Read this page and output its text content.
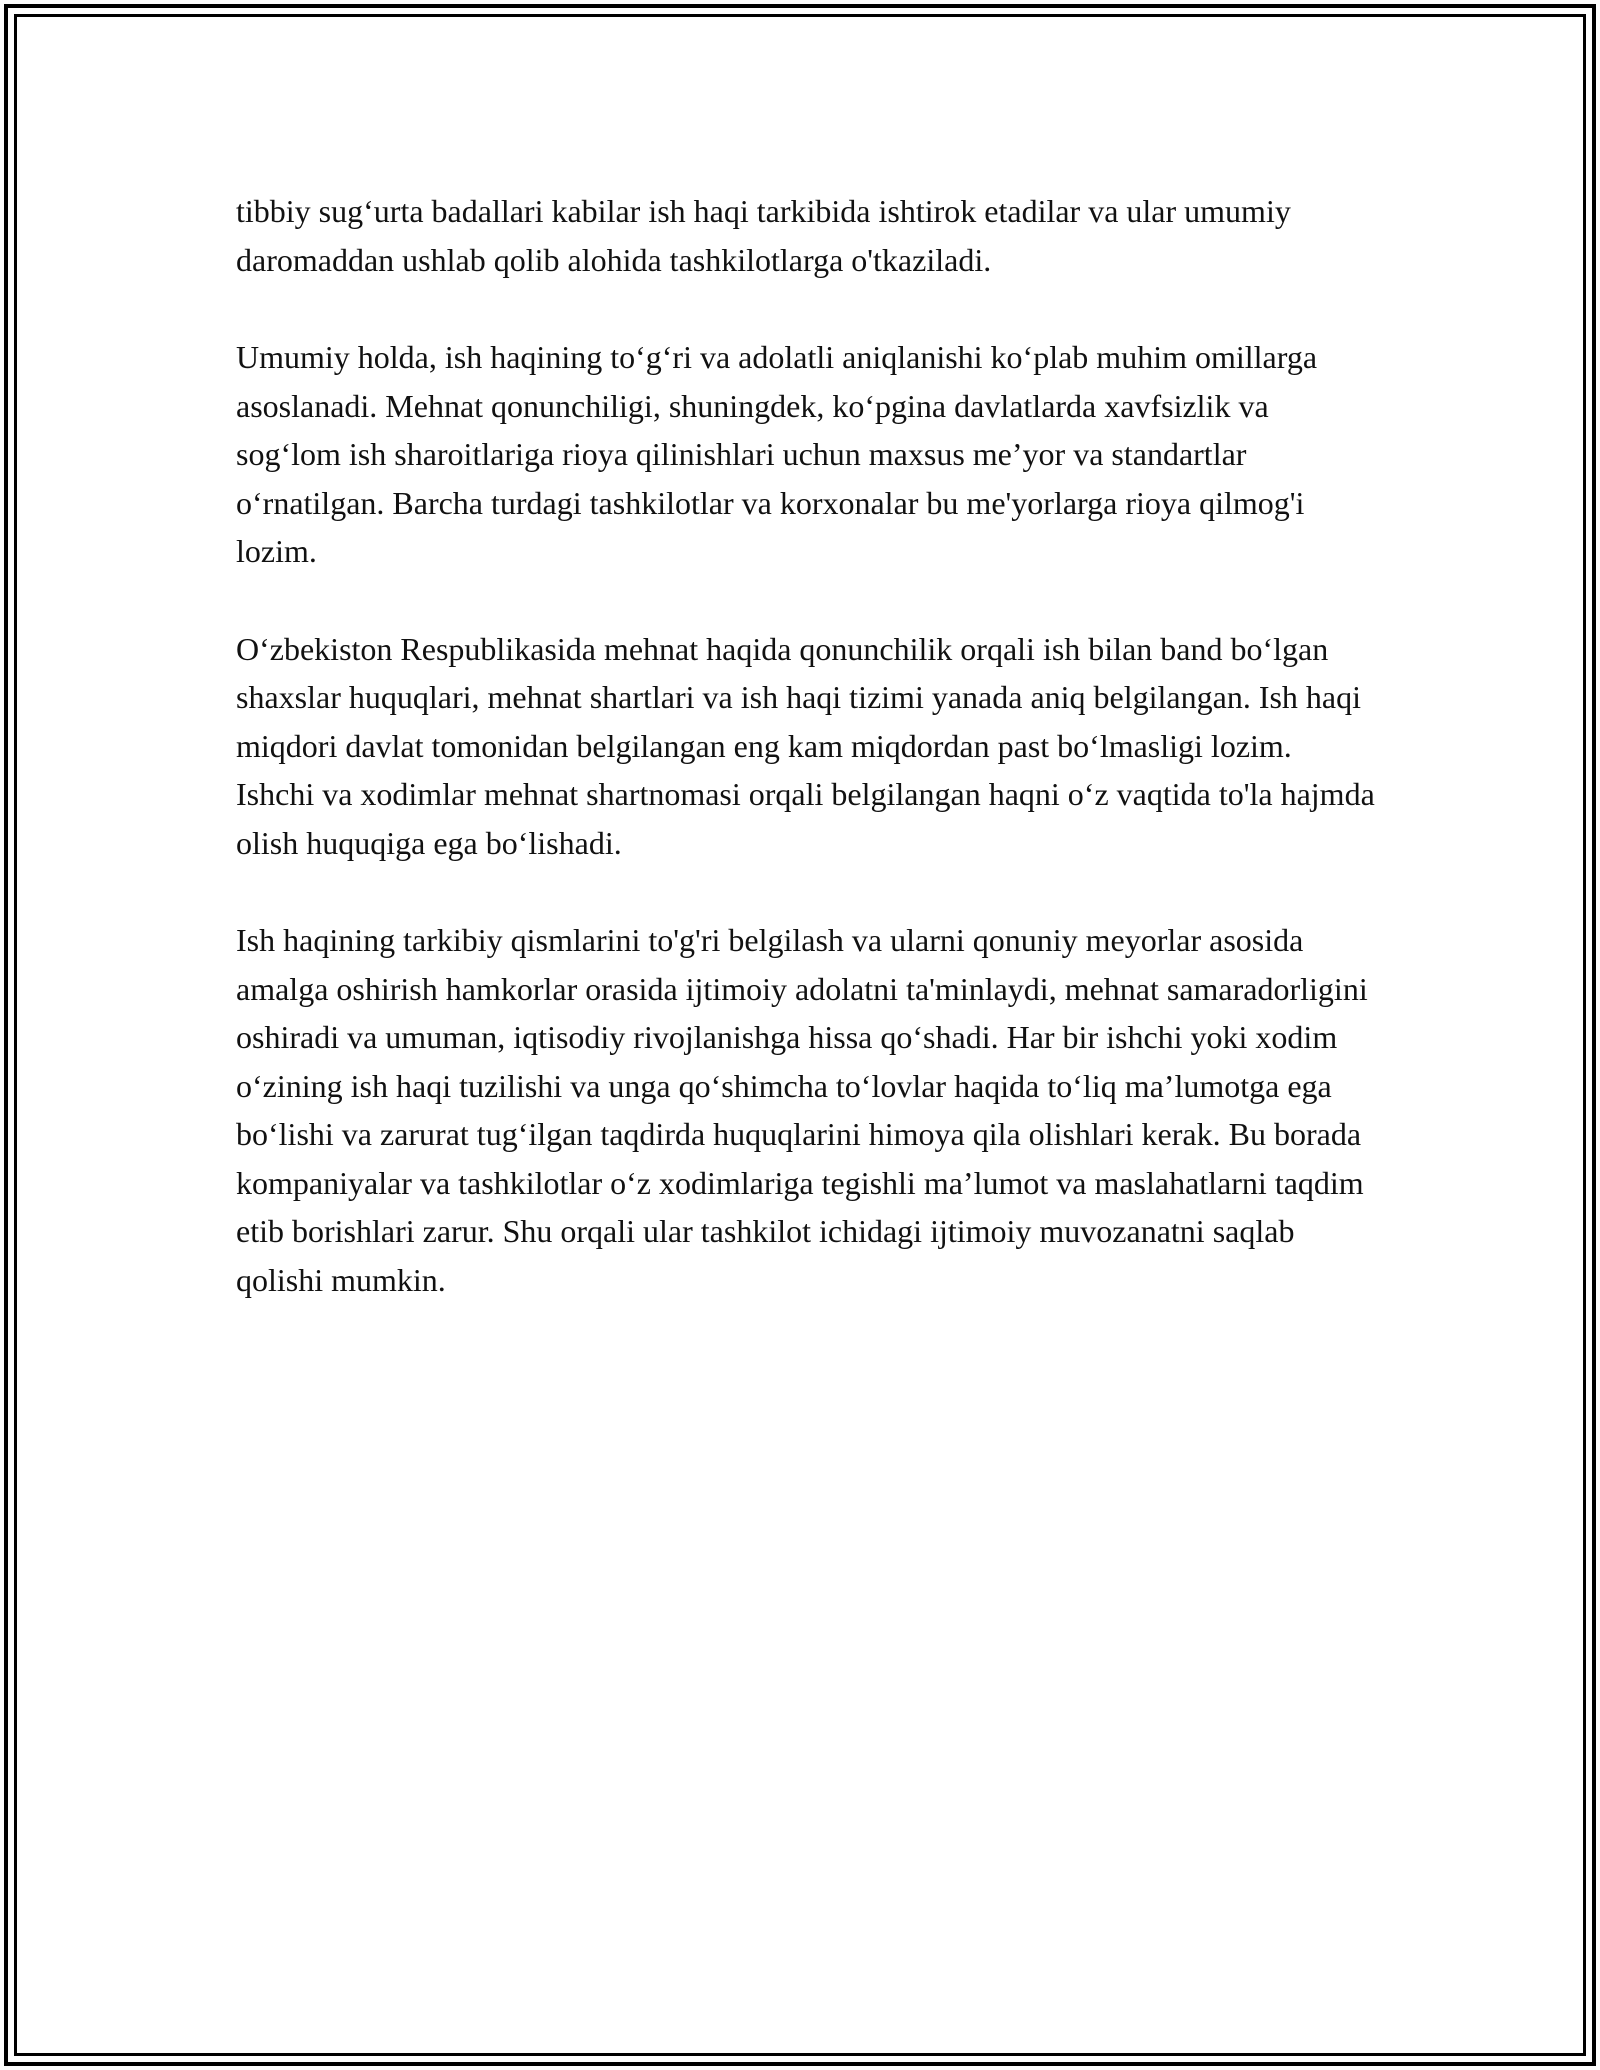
tibbiy sug‘urta badallari kabilar ish haqi tarkibida ishtirok etadilar va ular umumiy daromaddan ushlab qolib alohida tashkilotlarga o'tkaziladi.

Umumiy holda, ish haqining to‘g‘ri va adolatli aniqlanishi ko‘plab muhim omillarga asoslanadi. Mehnat qonunchiligi, shuningdek, ko‘pgina davlatlarda xavfsizlik va sog‘lom ish sharoitlariga rioya qilinishlari uchun maxsus me’yor va standartlar o‘rnatilgan. Barcha turdagi tashkilotlar va korxonalar bu me'yorlarga rioya qilmog'i lozim.

O‘zbekiston Respublikasida mehnat haqida qonunchilik orqali ish bilan band bo‘lgan shaxslar huquqlari, mehnat shartlari va ish haqi tizimi yanada aniq belgilangan. Ish haqi miqdori davlat tomonidan belgilangan eng kam miqdordan past bo‘lmasligi lozim. Ishchi va xodimlar mehnat shartnomasi orqali belgilangan haqni o‘z vaqtida to'la hajmda olish huquqiga ega bo‘lishadi.

Ish haqining tarkibiy qismlarini to'g'ri belgilash va ularni qonuniy meyorlar asosida amalga oshirish hamkorlar orasida ijtimoiy adolatni ta'minlaydi, mehnat samaradorligini oshiradi va umuman, iqtisodiy rivojlanishga hissa qo‘shadi. Har bir ishchi yoki xodim o‘zining ish haqi tuzilishi va unga qo‘shimcha to‘lovlar haqida to‘liq ma’lumotga ega bo‘lishi va zarurat tug‘ilgan taqdirda huquqlarini himoya qila olishlari kerak. Bu borada kompaniyalar va tashkilotlar o‘z xodimlariga tegishli ma’lumot va maslahatlarni taqdim etib borishlari zarur. Shu orqali ular tashkilot ichidagi ijtimoiy muvozanatni saqlab qolishi mumkin.
